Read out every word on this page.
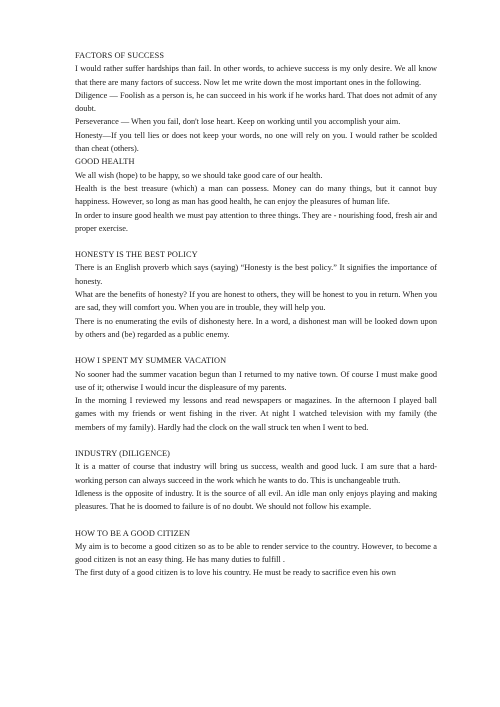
FACTORS OF SUCCESS

I would rather suffer hardships than fail. In other words, to achieve success is my only desire. We all know that there are many factors of success. Now let me write down the most important ones in the following.

Diligence — Foolish as a person is, he can succeed in his work if he works hard. That does not admit of any doubt.

Perseverance — When you fail, don't lose heart. Keep on working until you accomplish your aim.

Honesty—If you tell lies or does not keep your words, no one will rely on you. I would rather be scolded than cheat (others).

GOOD HEALTH

We all wish (hope) to be happy, so we should take good care of our health.

Health is the best treasure (which) a man can possess. Money can do many things, but it cannot buy happiness. However, so long as man has good health, he can enjoy the pleasures of human life.

In order to insure good health we must pay attention to three things. They are - nourishing food, fresh air and proper exercise.

HONESTY IS THE BEST POLICY

There is an English proverb which says (saying) “Honesty is the best policy.” It signifies the importance of honesty.

What are the benefits of honesty? If you are honest to others, they will be honest to you in return. When you are sad, they will comfort you. When you are in trouble, they will help you.

There is no enumerating the evils of dishonesty here. In a word, a dishonest man will be looked down upon by others and (be) regarded as a public enemy.

HOW I SPENT MY SUMMER VACATION

No sooner had the summer vacation begun than I returned to my native town. Of course I must make good use of it; otherwise I would incur the displeasure of my parents.

In the morning I reviewed my lessons and read newspapers or magazines. In the afternoon I played ball games with my friends or went fishing in the river. At night I watched television with my family (the members of my family). Hardly had the clock on the wall struck ten when I went to bed.

INDUSTRY (DILIGENCE)

It is a matter of course that industry will bring us success, wealth and good luck. I am sure that a hard-working person can always succeed in the work which he wants to do. This is unchangeable truth.

Idleness is the opposite of industry. It is the source of all evil. An idle man only enjoys playing and making pleasures. That he is doomed to failure is of no doubt. We should not follow his example.

HOW TO BE A GOOD CITIZEN

My aim is to become a good citizen so as to be able to render service to the country. However, to become a good citizen is not an easy thing. He has many duties to fulfill .

The first duty of a good citizen is to love his country. He must be ready to sacrifice even his own
